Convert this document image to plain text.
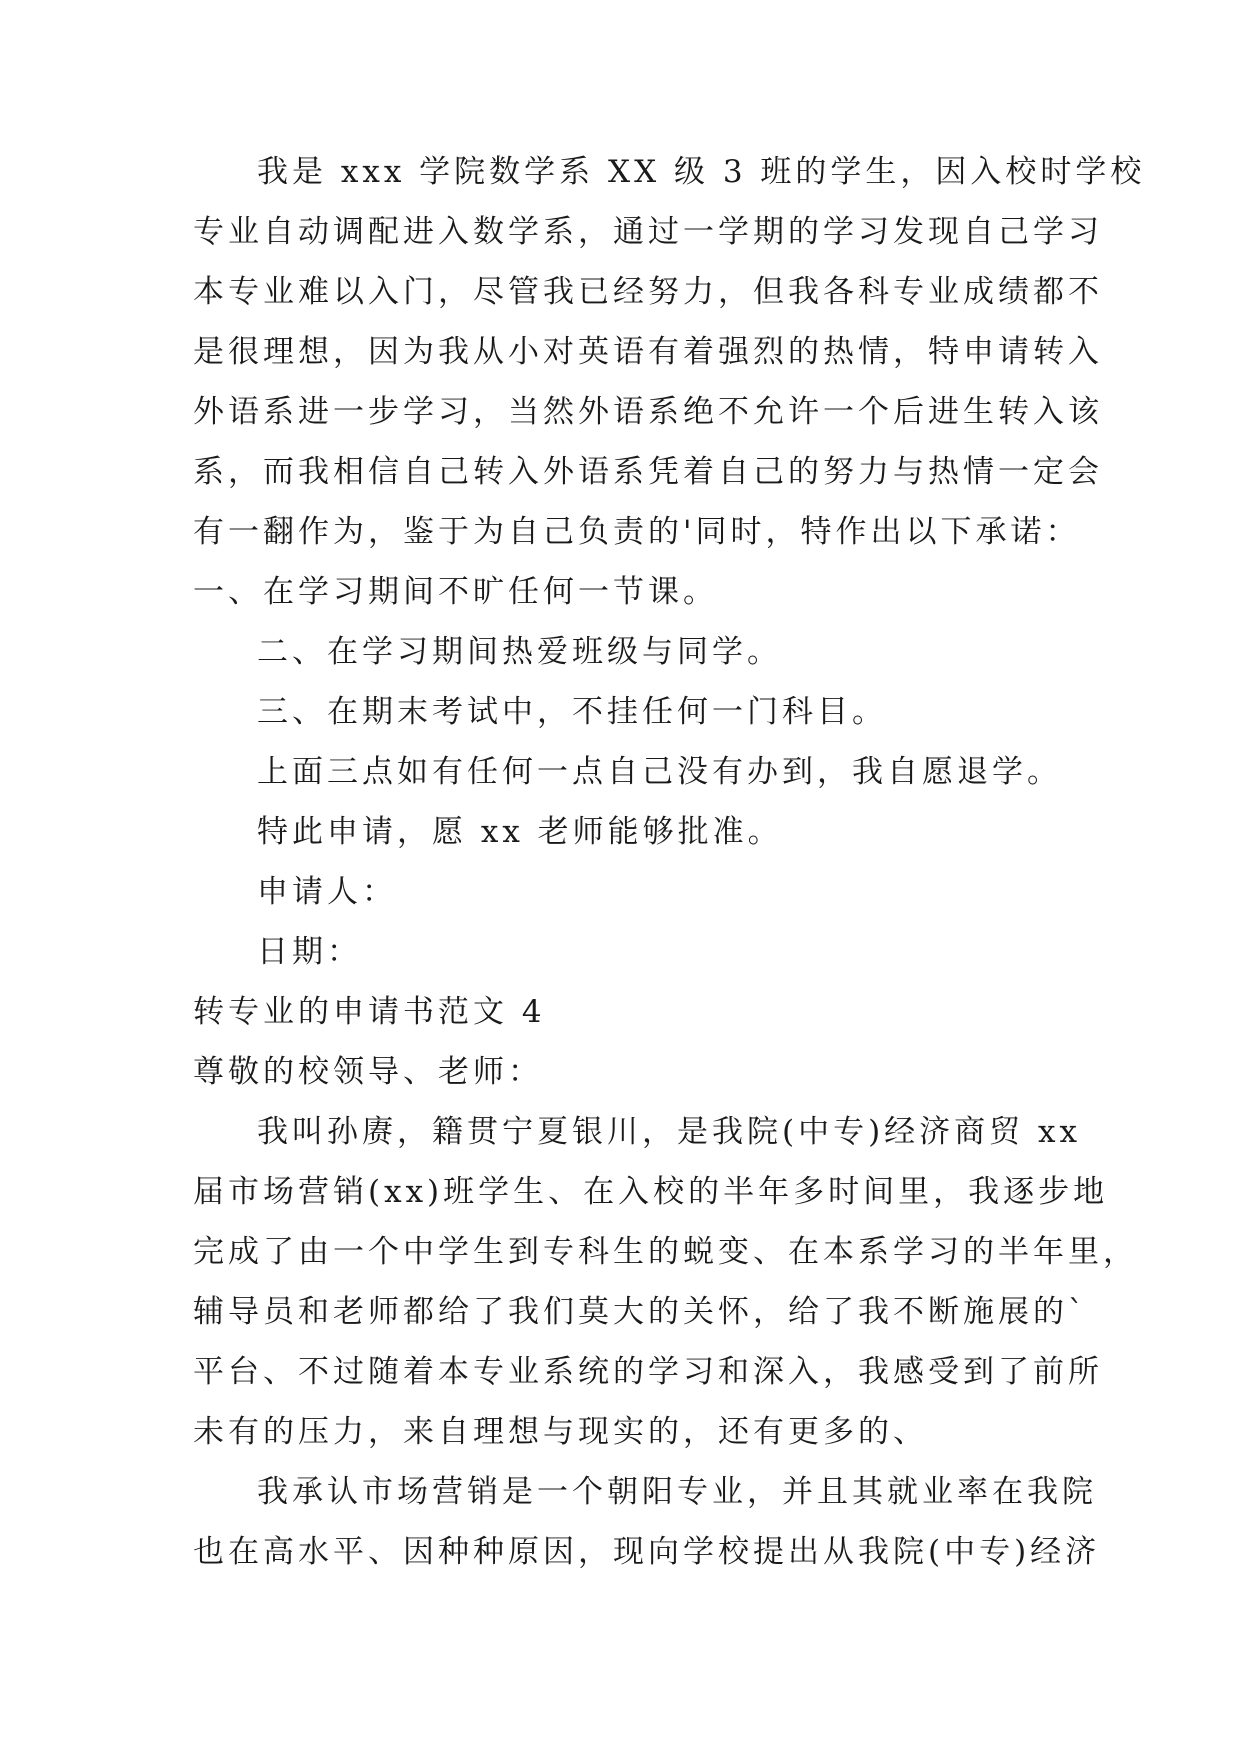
我是 xxx 学院数学系 XX 级 3 班的学生，因入校时学校
专业自动调配进入数学系，通过一学期的学习发现自己学习
本专业难以入门，尽管我已经努力，但我各科专业成绩都不
是很理想，因为我从小对英语有着强烈的热情，特申请转入
外语系进一步学习，当然外语系绝不允许一个后进生转入该
系，而我相信自己转入外语系凭着自己的努力与热情一定会
有一翻作为，鉴于为自己负责的'同时，特作出以下承诺：
一、在学习期间不旷任何一节课。
二、在学习期间热爱班级与同学。
三、在期末考试中，不挂任何一门科目。
上面三点如有任何一点自己没有办到，我自愿退学。
特此申请，愿 xx 老师能够批准。
申请人：
日期：
转专业的申请书范文 4
尊敬的校领导、老师：
我叫孙赓，籍贯宁夏银川，是我院(中专)经济商贸 xx
届市场营销(xx)班学生、在入校的半年多时间里，我逐步地
完成了由一个中学生到专科生的蜕变、在本系学习的半年里，
辅导员和老师都给了我们莫大的关怀，给了我不断施展的`
平台、不过随着本专业系统的学习和深入，我感受到了前所
未有的压力，来自理想与现实的，还有更多的、
我承认市场营销是一个朝阳专业，并且其就业率在我院
也在高水平、因种种原因，现向学校提出从我院(中专)经济
